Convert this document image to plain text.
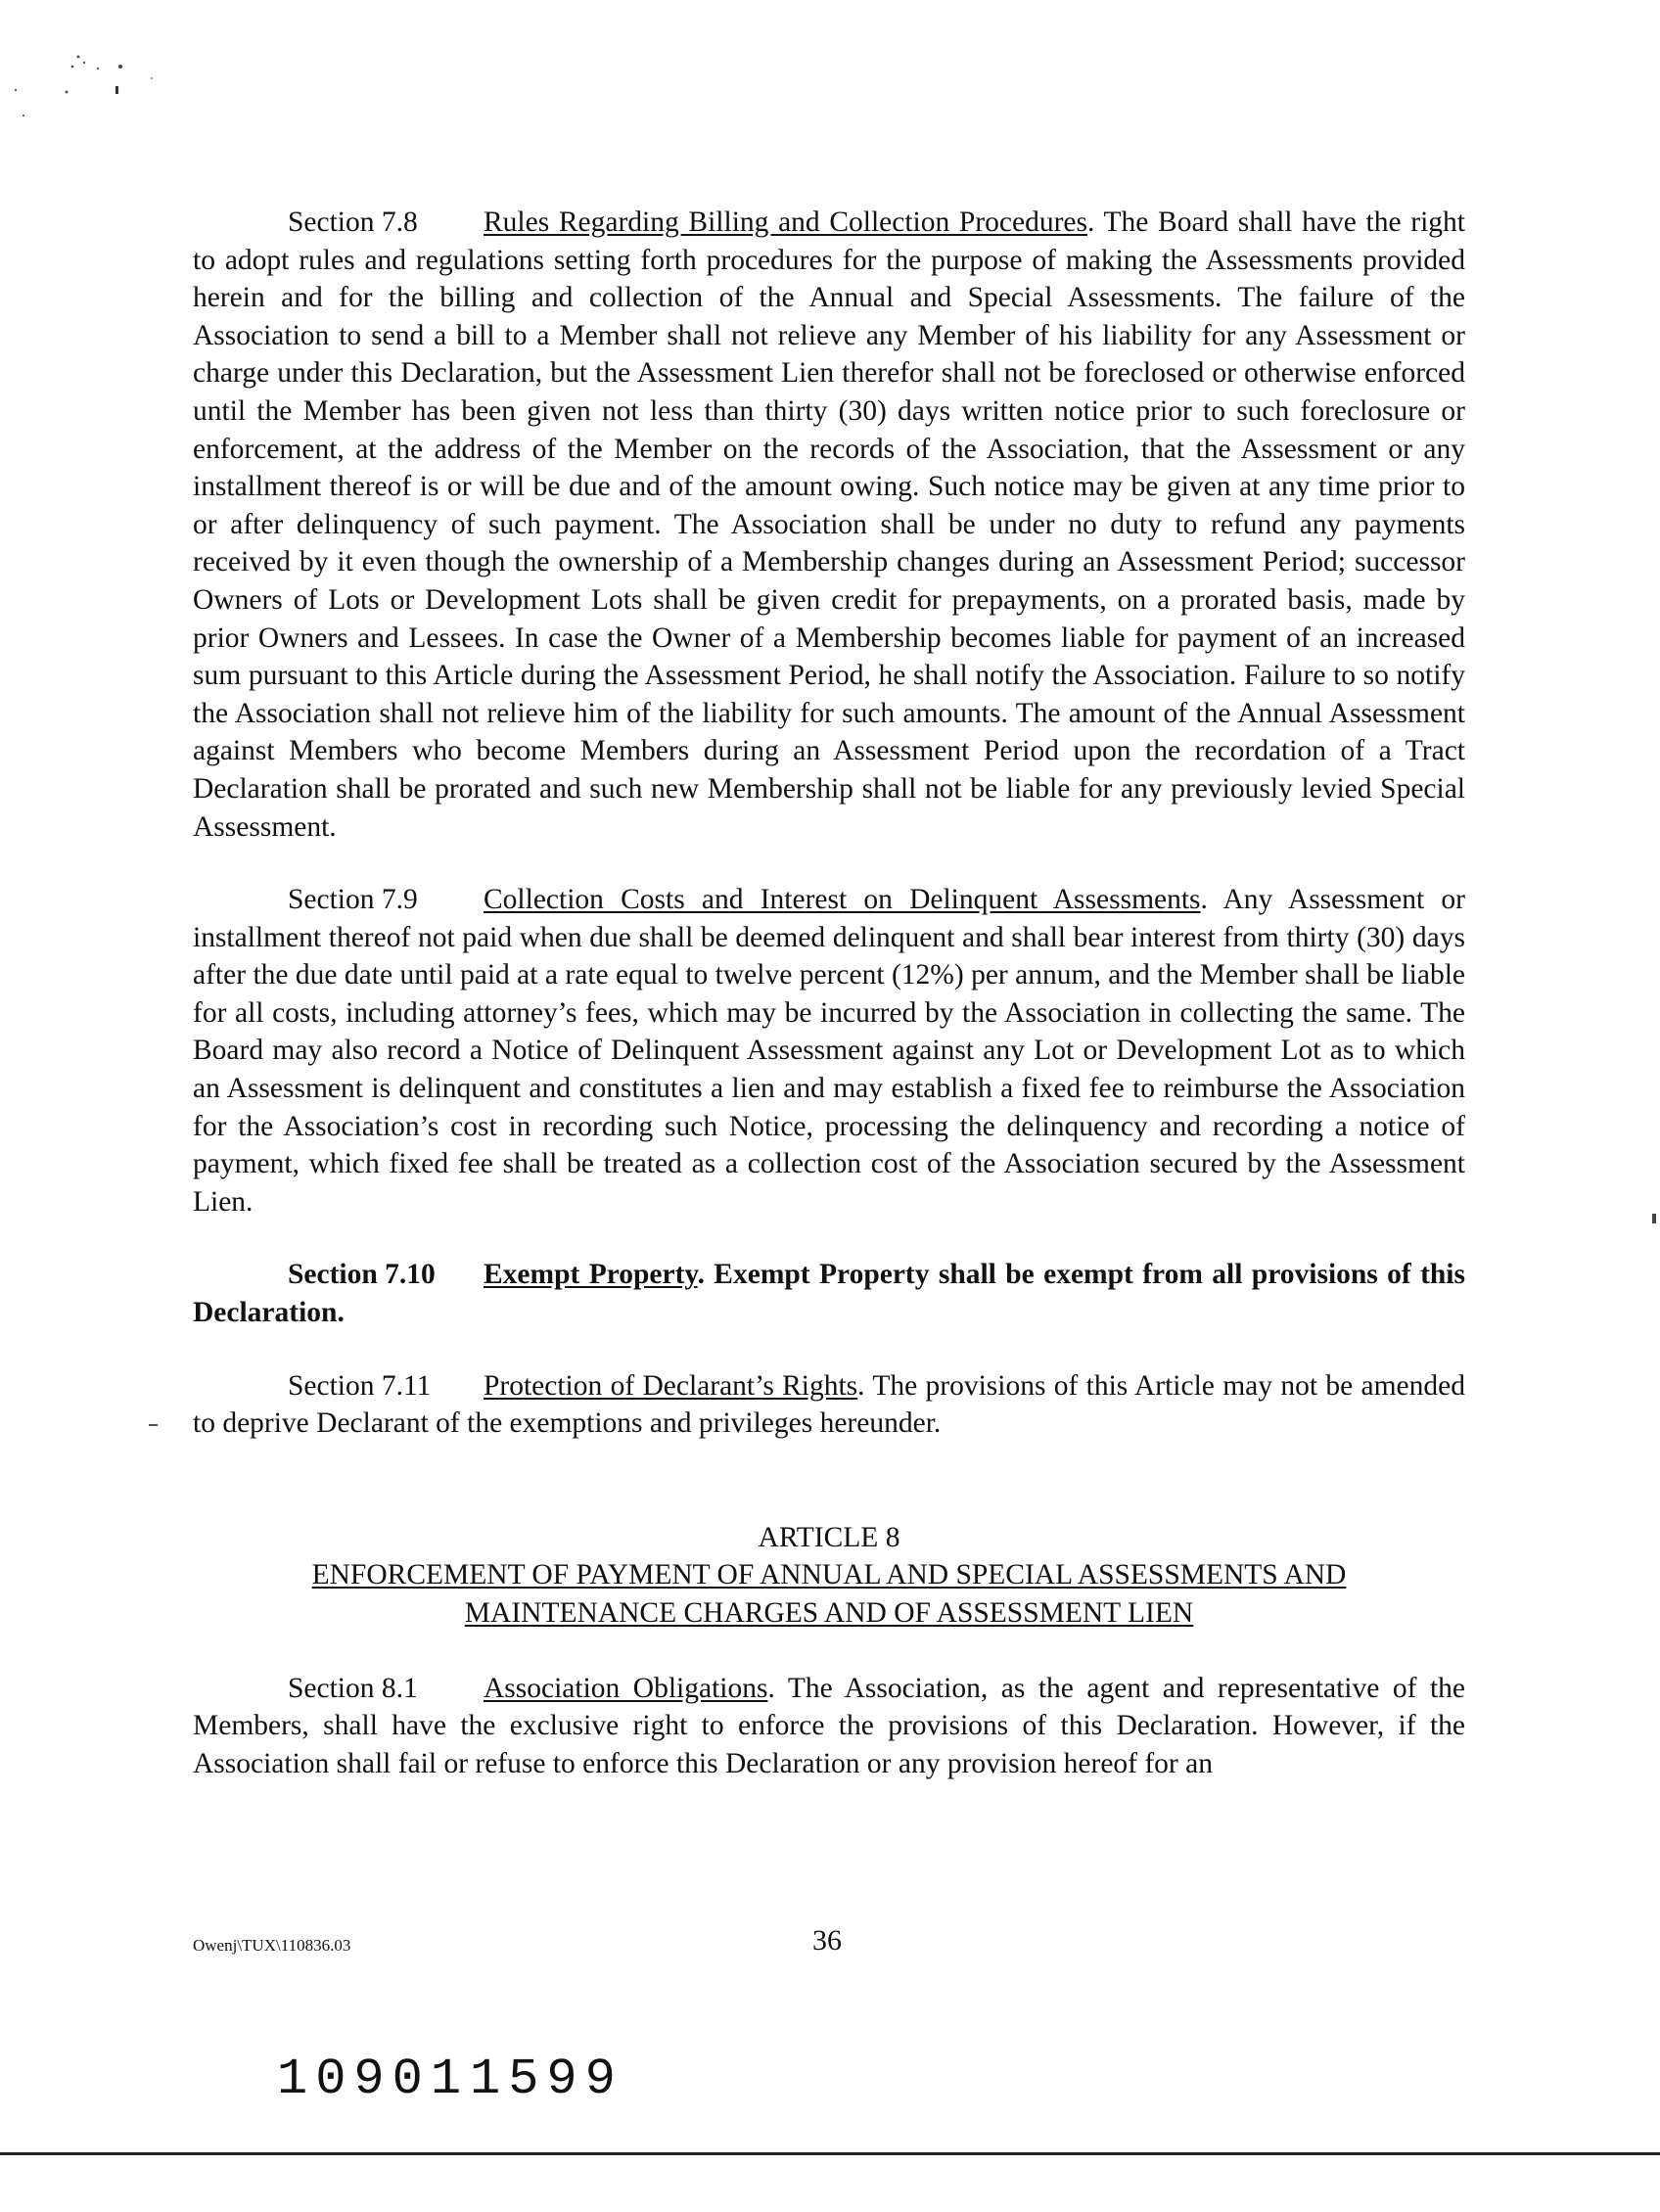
Section 7.8 Rules Regarding Billing and Collection Procedures. The Board shall have the right to adopt rules and regulations setting forth procedures for the purpose of making the Assessments provided herein and for the billing and collection of the Annual and Special Assessments. The failure of the Association to send a bill to a Member shall not relieve any Member of his liability for any Assessment or charge under this Declaration, but the Assessment Lien therefor shall not be foreclosed or otherwise enforced until the Member has been given not less than thirty (30) days written notice prior to such foreclosure or enforcement, at the address of the Member on the records of the Association, that the Assessment or any installment thereof is or will be due and of the amount owing. Such notice may be given at any time prior to or after delinquency of such payment. The Association shall be under no duty to refund any payments received by it even though the ownership of a Membership changes during an Assessment Period; successor Owners of Lots or Development Lots shall be given credit for prepayments, on a prorated basis, made by prior Owners and Lessees. In case the Owner of a Membership becomes liable for payment of an increased sum pursuant to this Article during the Assessment Period, he shall notify the Association. Failure to so notify the Association shall not relieve him of the liability for such amounts. The amount of the Annual Assessment against Members who become Members during an Assessment Period upon the recordation of a Tract Declaration shall be prorated and such new Membership shall not be liable for any previously levied Special Assessment.

Section 7.9 Collection Costs and Interest on Delinquent Assessments. Any Assessment or installment thereof not paid when due shall be deemed delinquent and shall bear interest from thirty (30) days after the due date until paid at a rate equal to twelve percent (12%) per annum, and the Member shall be liable for all costs, including attorney’s fees, which may be incurred by the Association in collecting the same. The Board may also record a Notice of Delinquent Assessment against any Lot or Development Lot as to which an Assessment is delinquent and constitutes a lien and may establish a fixed fee to reimburse the Association for the Association’s cost in recording such Notice, processing the delinquency and recording a notice of payment, which fixed fee shall be treated as a collection cost of the Association secured by the Assessment Lien.

Section 7.10 Exempt Property. Exempt Property shall be exempt from all provisions of this Declaration.

Section 7.11 Protection of Declarant’s Rights. The provisions of this Article may not be amended to deprive Declarant of the exemptions and privileges hereunder.

ARTICLE 8
ENFORCEMENT OF PAYMENT OF ANNUAL AND SPECIAL ASSESSMENTS AND
MAINTENANCE CHARGES AND OF ASSESSMENT LIEN

Section 8.1 Association Obligations. The Association, as the agent and representative of the Members, shall have the exclusive right to enforce the provisions of this Declaration. However, if the Association shall fail or refuse to enforce this Declaration or any provision hereof for an

Owenj\TUX\110836.03	36
10901 1599
